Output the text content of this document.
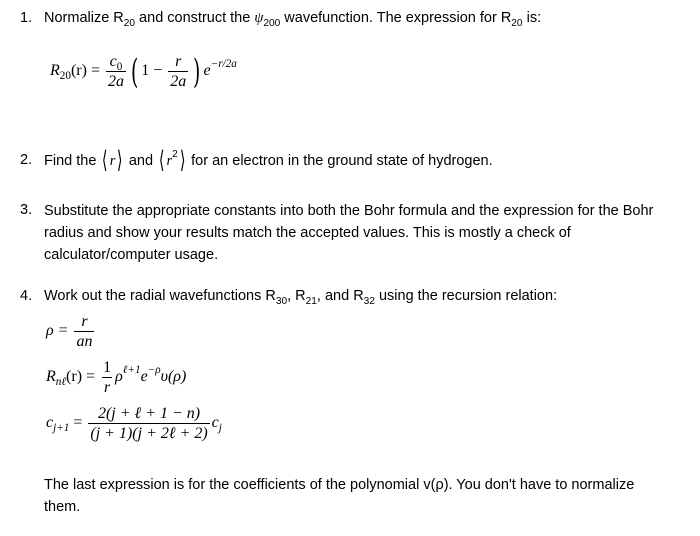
1. Normalize $R_{20}$ and construct the $\psi_{200}$ wavefunction. The expression for $R_{20}$ is:
$R_{20}(r) = \frac{c_0}{2a}$ ( $1 - \frac{r}{2a}$ ) $e^{-r/2a}$
2. Find the ⟨ r⟩ and ⟨ $r^2⟩$ for an electron in the ground state of hydrogen.
3. Substitute the appropriate constants into both the Bohr formula and the expression for the Bohr radius and show your results match the accepted values. This is mostly a check of calculator/computer usage.
4. Work out the radial wavefunctions $R_{30}$, $R_{21}$, and $R_{32}$ using the recursion relation:
$\rho = \frac{r}{an}$
$R_{n\ell}(r) = \frac{1}{r} \rho^{\ell+1}e^{-\rho}\upsilon(\rho)$
$c_{j+1} = \frac{\text{2(j + ℓ + 1 − n)}}{\text{(j + 1)(j + 2ℓ + 2)}} c_j$
The last expression is for the coefficients of the polynomial v(ρ). You don't have to normalize them.
